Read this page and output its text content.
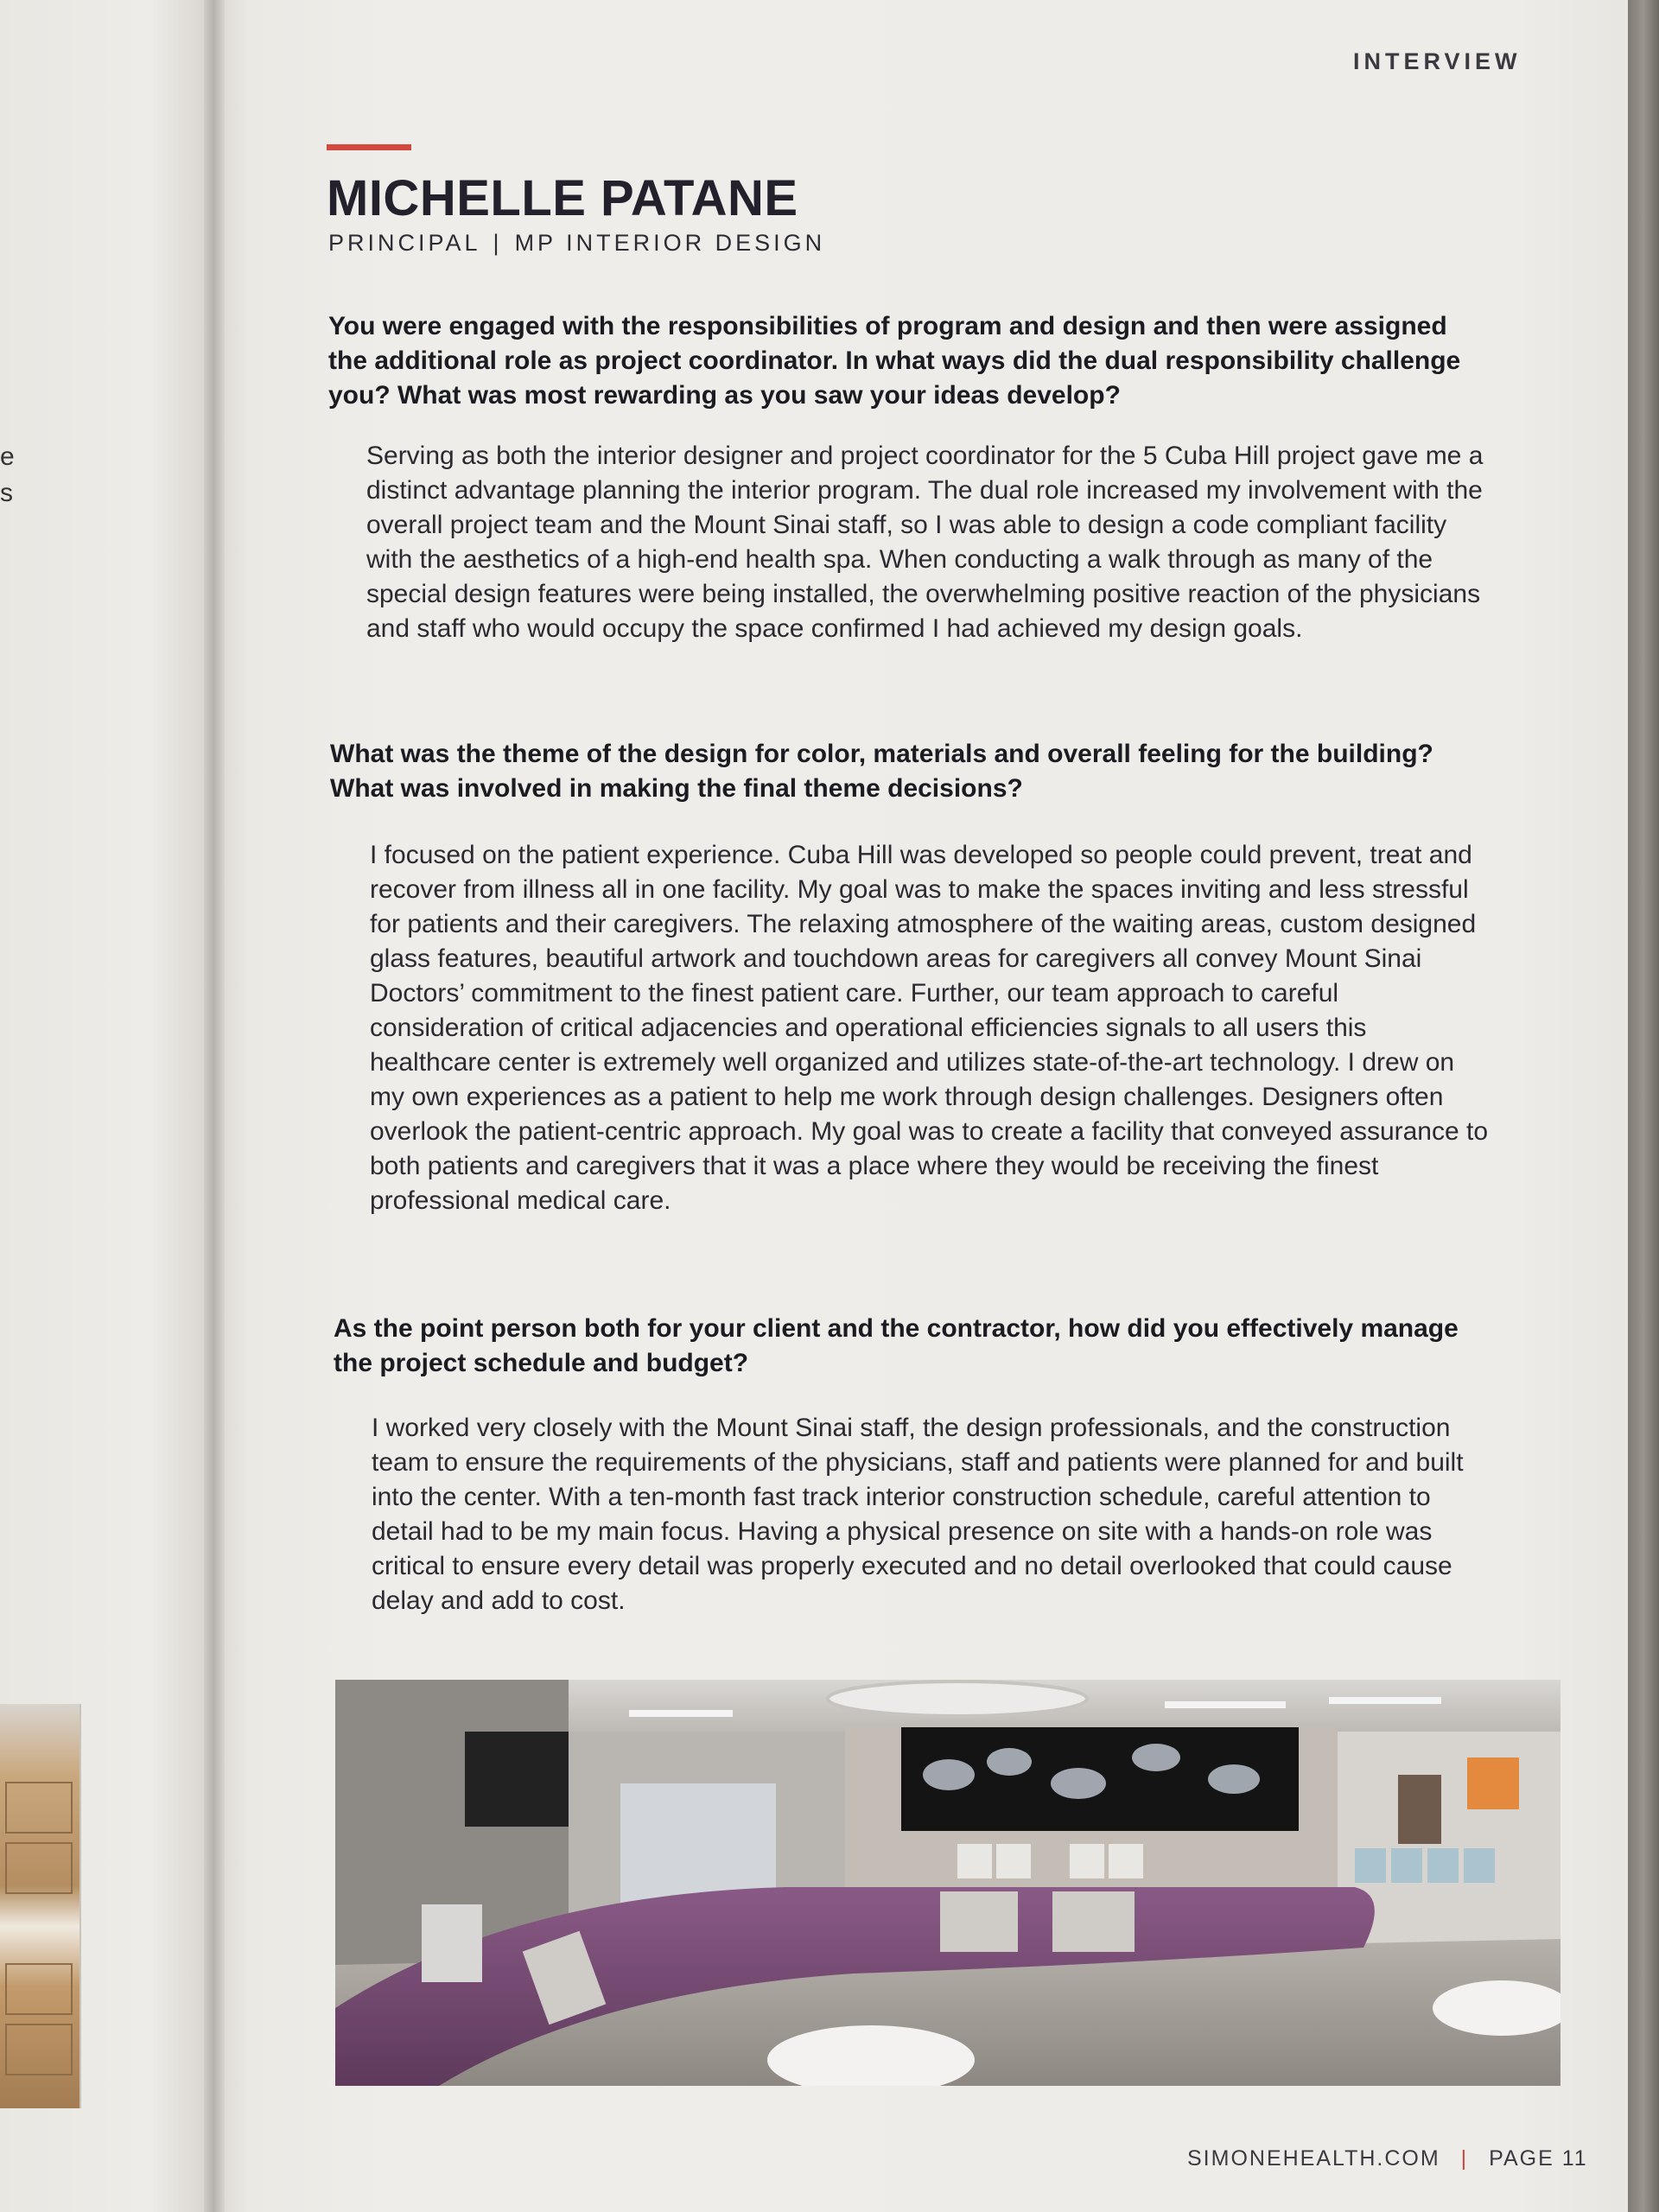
e
s
INTERVIEW
MICHELLE PATANE
PRINCIPAL | MP INTERIOR DESIGN

You were engaged with the responsibilities of program and design and then were assigned the additional role as project coordinator. In what ways did the dual responsibility challenge you? What was most rewarding as you saw your ideas develop?

Serving as both the interior designer and project coordinator for the 5 Cuba Hill project gave me a distinct advantage planning the interior program. The dual role increased my involvement with the overall project team and the Mount Sinai staff, so I was able to design a code compliant facility with the aesthetics of a high-end health spa. When conducting a walk through as many of the special design features were being installed, the overwhelming positive reaction of the physicians and staff who would occupy the space confirmed I had achieved my design goals.

What was the theme of the design for color, materials and overall feeling for the building? What was involved in making the final theme decisions?

I focused on the patient experience. Cuba Hill was developed so people could prevent, treat and recover from illness all in one facility. My goal was to make the spaces inviting and less stressful for patients and their caregivers. The relaxing atmosphere of the waiting areas, custom designed glass features, beautiful artwork and touchdown areas for caregivers all convey Mount Sinai Doctors’ commitment to the finest patient care. Further, our team approach to careful consideration of critical adjacencies and operational efficiencies signals to all users this healthcare center is extremely well organized and utilizes state-of-the-art technology. I drew on my own experiences as a patient to help me work through design challenges. Designers often overlook the patient-centric approach. My goal was to create a facility that conveyed assurance to both patients and caregivers that it was a place where they would be receiving the finest professional medical care.

As the point person both for your client and the contractor, how did you effectively manage the project schedule and budget?

I worked very closely with the Mount Sinai staff, the design professionals, and the construction team to ensure the requirements of the physicians, staff and patients were planned for and built into the center. With a ten-month fast track interior construction schedule, careful attention to detail had to be my main focus. Having a physical presence on site with a hands-on role was critical to ensure every detail was properly executed and no detail overlooked that could cause delay and add to cost.

SIMONEHEALTH.COM | PAGE 11
